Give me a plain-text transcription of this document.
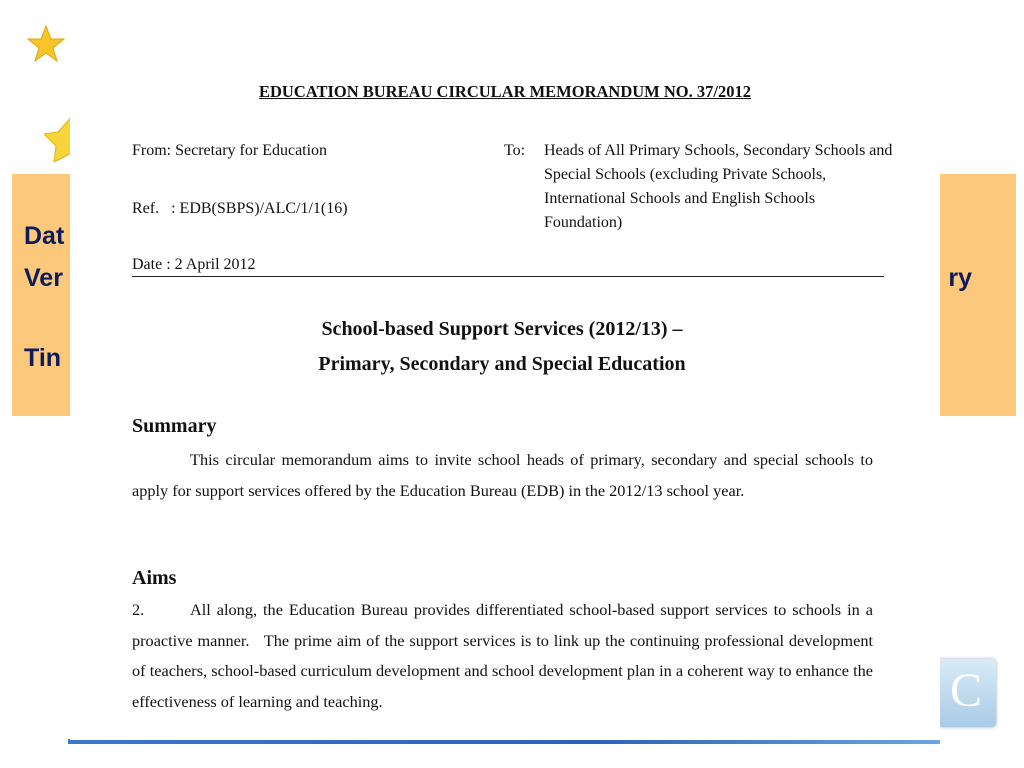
Dat
Ver	ry
Tin
C
EDUCATION BUREAU CIRCULAR MEMORANDUM NO. 37/2012
From: Secretary for Education
Ref.   : EDB(SBPS)/ALC/1/1(16)
Date : 2 April 2012
To: Heads of All Primary Schools, Secondary Schools and Special Schools (excluding Private Schools, International Schools and English Schools Foundation)
School-based Support Services (2012/13) –
Primary, Secondary and Special Education
Summary
This circular memorandum aims to invite school heads of primary, secondary and special schools to apply for support services offered by the Education Bureau (EDB) in the 2012/13 school year.
Aims
2.	All along, the Education Bureau provides differentiated school-based support services to schools in a proactive manner.   The prime aim of the support services is to link up the continuing professional development of teachers, school-based curriculum development and school development plan in a coherent way to enhance the effectiveness of learning and teaching.
